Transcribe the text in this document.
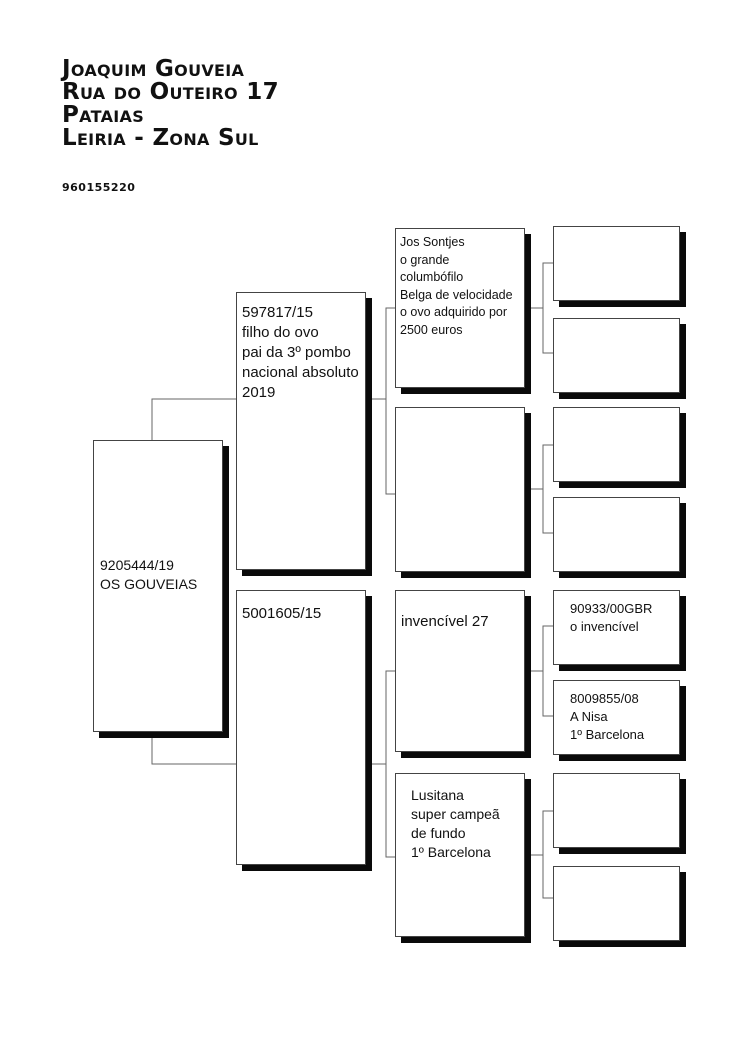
Joaquim Gouveia
Rua do Outeiro 17
Pataias
Leiria - Zona Sul
960155220
9205444/19
OS GOUVEIAS
597817/15
filho do ovo
pai da 3º pombo
nacional absoluto
2019
5001605/15
Jos Sontjes
o grande
columbófilo
Belga de velocidade
o ovo adquirido por
2500 euros
invencível 27
Lusitana
super campeã
de fundo
1º Barcelona
90933/00GBR
o invencível
8009855/08
A Nisa
1º Barcelona
